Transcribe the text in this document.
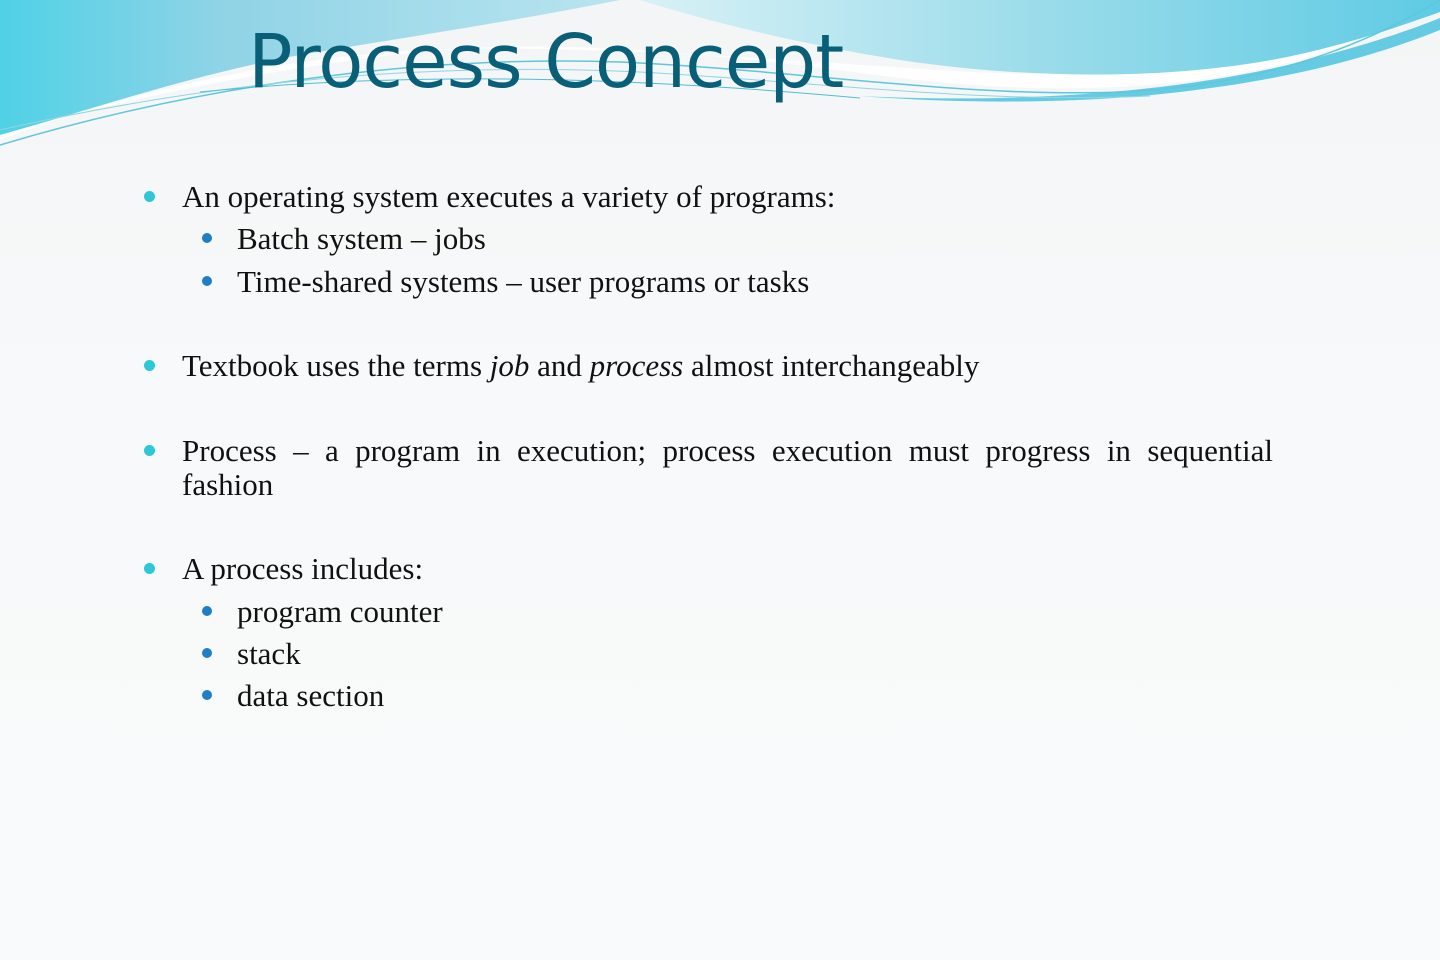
Process Concept
An operating system executes a variety of programs:
Batch system – jobs
Time-shared systems – user programs or tasks
Textbook uses the terms job and process almost interchangeably
Process – a program in execution; process execution must progress in sequential fashion
A process includes:
program counter
stack
data section
